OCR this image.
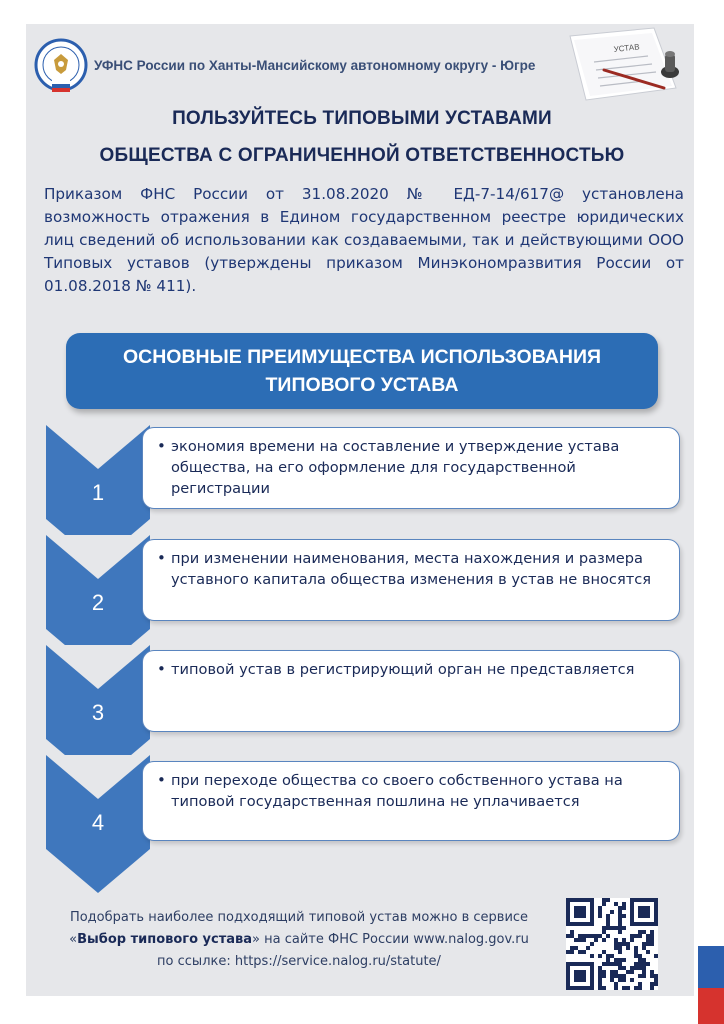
УФНС России по Ханты-Мансийскому автономному округу - Югре
УСТАВ
ПОЛЬЗУЙТЕСЬ ТИПОВЫМИ УСТАВАМИ
ОБЩЕСТВА С ОГРАНИЧЕННОЙ ОТВЕТСТВЕННОСТЬЮ
Приказом ФНС России от 31.08.2020 № ЕД-7-14/617@ установлена возможность отражения в Едином государственном реестре юридических лиц сведений об использовании как создаваемыми, так и действующими ООО Типовых уставов (утверждены приказом Минэкономразвития России от 01.08.2018 № 411).
ОСНОВНЫЕ ПРЕИМУЩЕСТВА ИСПОЛЬЗОВАНИЯ
ТИПОВОГО УСТАВА
1
• экономия времени на составление и утверждение устава общества, на его оформление для государственной регистрации
2
• при изменении наименования, места нахождения и размера уставного капитала общества изменения в устав не вносятся
3
• типовой устав в регистрирующий орган не представляется
4
• при переходе общества со своего собственного устава на типовой государственная пошлина не уплачивается
Подобрать наиболее подходящий типовой устав можно в сервисе
«Выбор типового устава» на сайте ФНС России www.nalog.gov.ru
по ссылке: https://service.nalog.ru/statute/
